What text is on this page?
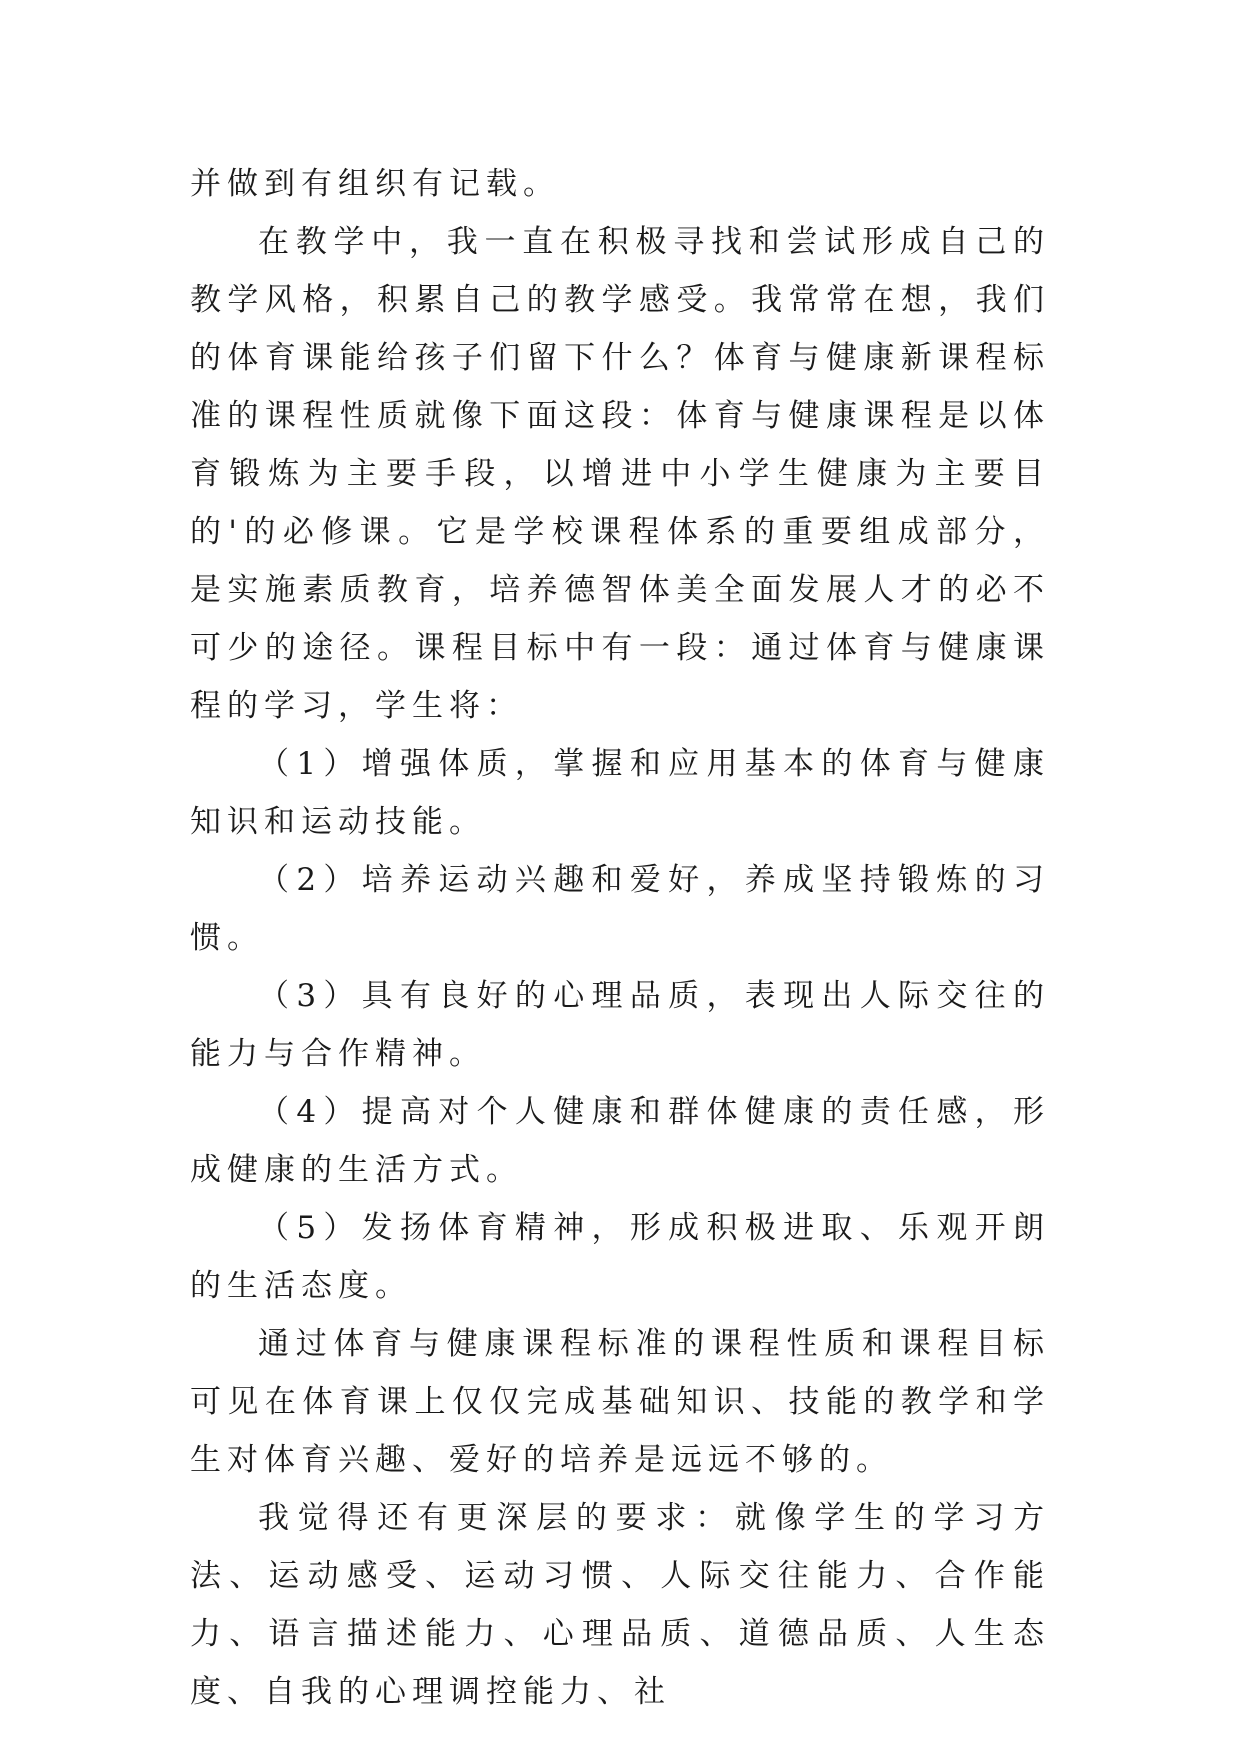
并做到有组织有记载。

在教学中，我一直在积极寻找和尝试形成自己的教学风格，积累自己的教学感受。我常常在想，我们的体育课能给孩子们留下什么？体育与健康新课程标准的课程性质就像下面这段：体育与健康课程是以体育锻炼为主要手段，以增进中小学生健康为主要目的'的必修课。它是学校课程体系的重要组成部分，是实施素质教育，培养德智体美全面发展人才的必不可少的途径。课程目标中有一段：通过体育与健康课程的学习，学生将：

（1）增强体质，掌握和应用基本的体育与健康知识和运动技能。

（2）培养运动兴趣和爱好，养成坚持锻炼的习惯。

（3）具有良好的心理品质，表现出人际交往的能力与合作精神。

（4）提高对个人健康和群体健康的责任感，形成健康的生活方式。

（5）发扬体育精神，形成积极进取、乐观开朗的生活态度。

通过体育与健康课程标准的课程性质和课程目标可见在体育课上仅仅完成基础知识、技能的教学和学生对体育兴趣、爱好的培养是远远不够的。

我觉得还有更深层的要求：就像学生的学习方法、运动感受、运动习惯、人际交往能力、合作能力、语言描述能力、心理品质、道德品质、人生态度、自我的心理调控能力、社
